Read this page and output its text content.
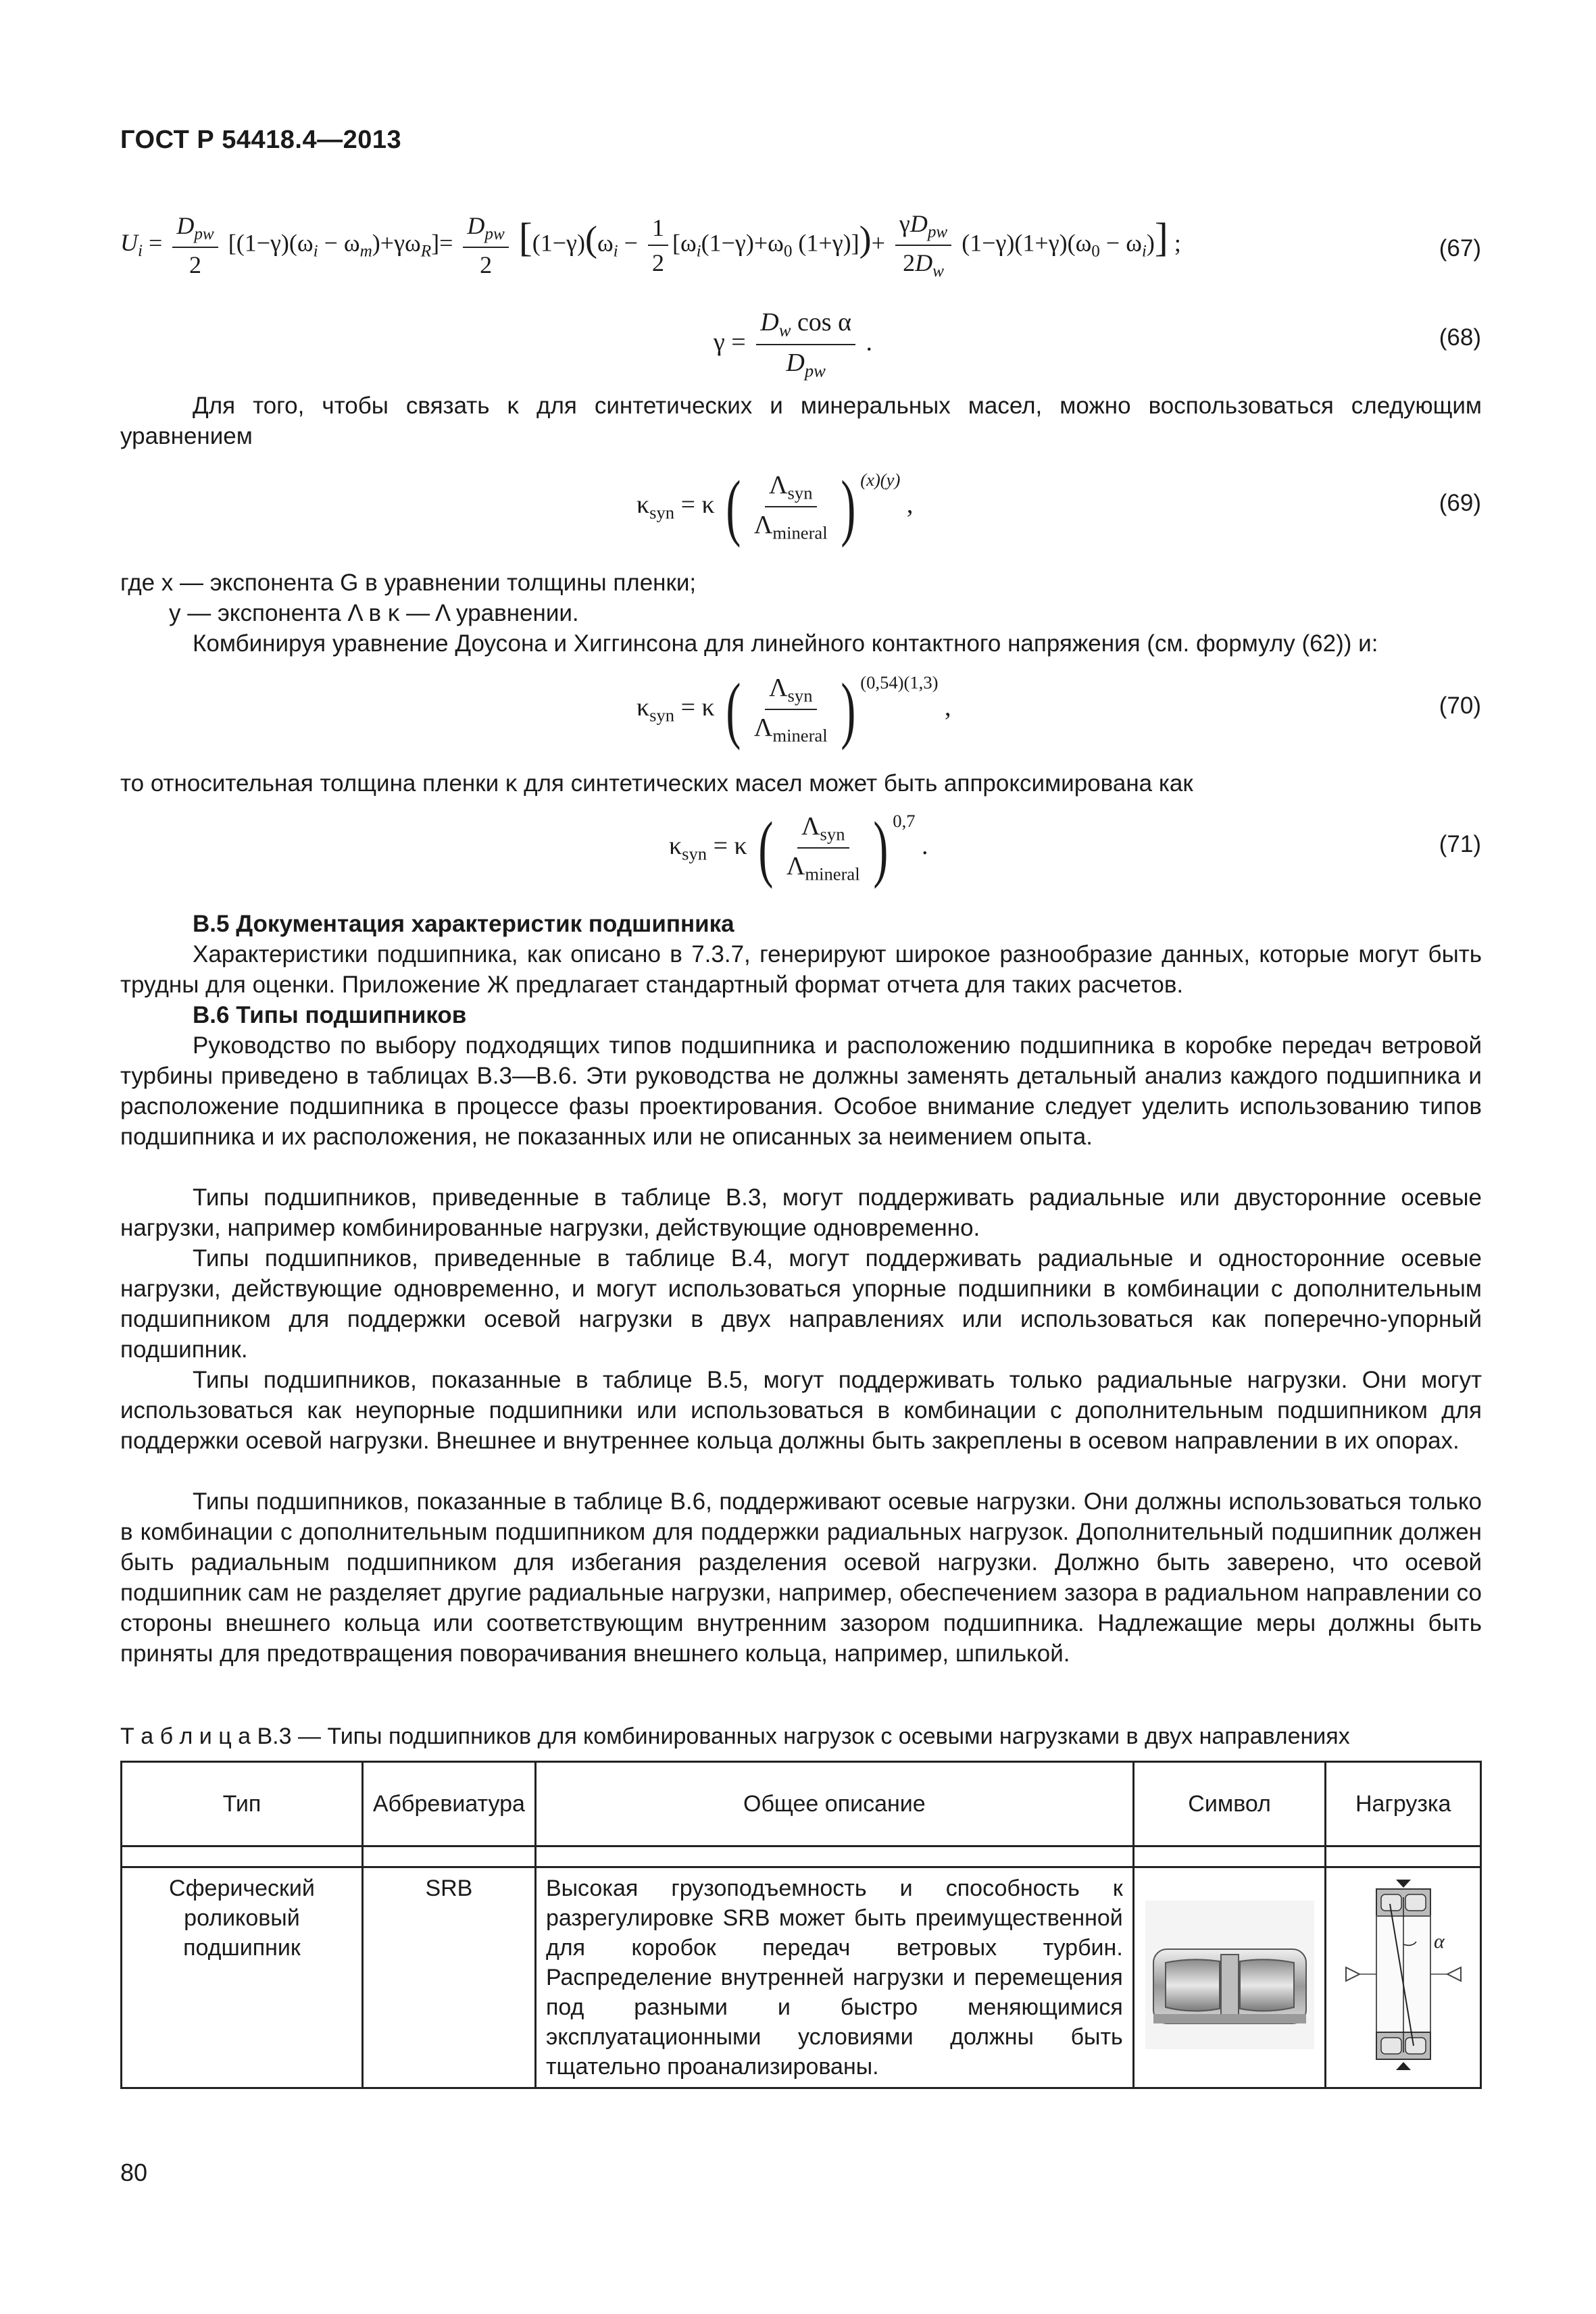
ГОСТ Р 54418.4—2013
$U_i = \frac{D_{pw}}{2} [(1-\gamma)(\omega_i - \omega_m)+\gamma\omega_R]= \frac{D_{pw}}{2} [(1-\gamma)(\omega_i - \frac{1}{2} [\omega_i(1-\gamma)+\omega_0$ $(1+\gamma)])+ \frac{\gamma D_{pw}}{2D_w} (1-\gamma)(1+\gamma)(\omega_0 - \omega_i)$] ;	(67)
$\gamma = \frac{D_w \cos \alpha}{D_{pw}}$ .	(68)
Для того, чтобы связать κ для синтетических и минеральных масел, можно воспользоваться следующим уравнением
$\kappa_{syn} = \kappa$ ( $\frac{\Lambda_{syn}}{\Lambda_{mineral}}$ ) $^{(x)(y)}$ ,	(69)
где x — экспонента G в уравнении толщины пленки;
y — экспонента Λ в κ — Λ уравнении.
Комбинируя уравнение Доусона и Хиггинсона для линейного контактного напряжения (см. формулу (62)) и:
$\kappa_{syn} = \kappa$ ( $\frac{\Lambda_{syn}}{\Lambda_{mineral}}$ ) $^{(0,54)(1,3)}$ ,	(70)
то относительная толщина пленки κ для синтетических масел может быть аппроксимирована как
$\kappa_{syn} = \kappa$ ( $\frac{\Lambda_{syn}}{\Lambda_{mineral}}$ ) $^{0,7}$ .	(71)
В.5 Документация характеристик подшипника
Характеристики подшипника, как описано в 7.3.7, генерируют широкое разнообразие данных, которые могут быть трудны для оценки. Приложение Ж предлагает стандартный формат отчета для таких расчетов.
В.6 Типы подшипников
Руководство по выбору подходящих типов подшипника и расположению подшипника в коробке передач ветровой турбины приведено в таблицах В.3—В.6. Эти руководства не должны заменять детальный анализ каждого подшипника и расположение подшипника в процессе фазы проектирования. Особое внимание следует уделить использованию типов подшипника и их расположения, не показанных или не описанных за неимением опыта.
Типы подшипников, приведенные в таблице В.3, могут поддерживать радиальные или двусторонние осевые нагрузки, например комбинированные нагрузки, действующие одновременно.
Типы подшипников, приведенные в таблице В.4, могут поддерживать радиальные и односторонние осевые нагрузки, действующие одновременно, и могут использоваться упорные подшипники в комбинации с дополнительным подшипником для поддержки осевой нагрузки в двух направлениях или использоваться как поперечно-упорный подшипник.
Типы подшипников, показанные в таблице В.5, могут поддерживать только радиальные нагрузки. Они могут использоваться как неупорные подшипники или использоваться в комбинации с дополнительным подшипником для поддержки осевой нагрузки. Внешнее и внутреннее кольца должны быть закреплены в осевом направлении в их опорах.
Типы подшипников, показанные в таблице В.6, поддерживают осевые нагрузки. Они должны использоваться только в комбинации с дополнительным подшипником для поддержки радиальных нагрузок. Дополнительный подшипник должен быть радиальным подшипником для избегания разделения осевой нагрузки. Должно быть заверено, что осевой подшипник сам не разделяет другие радиальные нагрузки, например, обеспечением зазора в радиальном направлении со стороны внешнего кольца или соответствующим внутренним зазором подшипника. Надлежащие меры должны быть приняты для предотвращения поворачивания внешнего кольца, например, шпилькой.
Т а б л и ц а В.3 — Типы подшипников для комбинированных нагрузок с осевыми нагрузками в двух направлениях
Тип	Аббревиатура	Общее описание	Символ	Нагрузка

Сферический роликовый подшипник	SRB	Высокая грузоподъемность и способность к разрегулировке SRB может быть преимущественной для коробок передач ветровых турбин. Распределение внутренней нагрузки и перемещения под разными и быстро меняющимися эксплуатационными условиями должны быть тщательно проанализированы.		α
80
